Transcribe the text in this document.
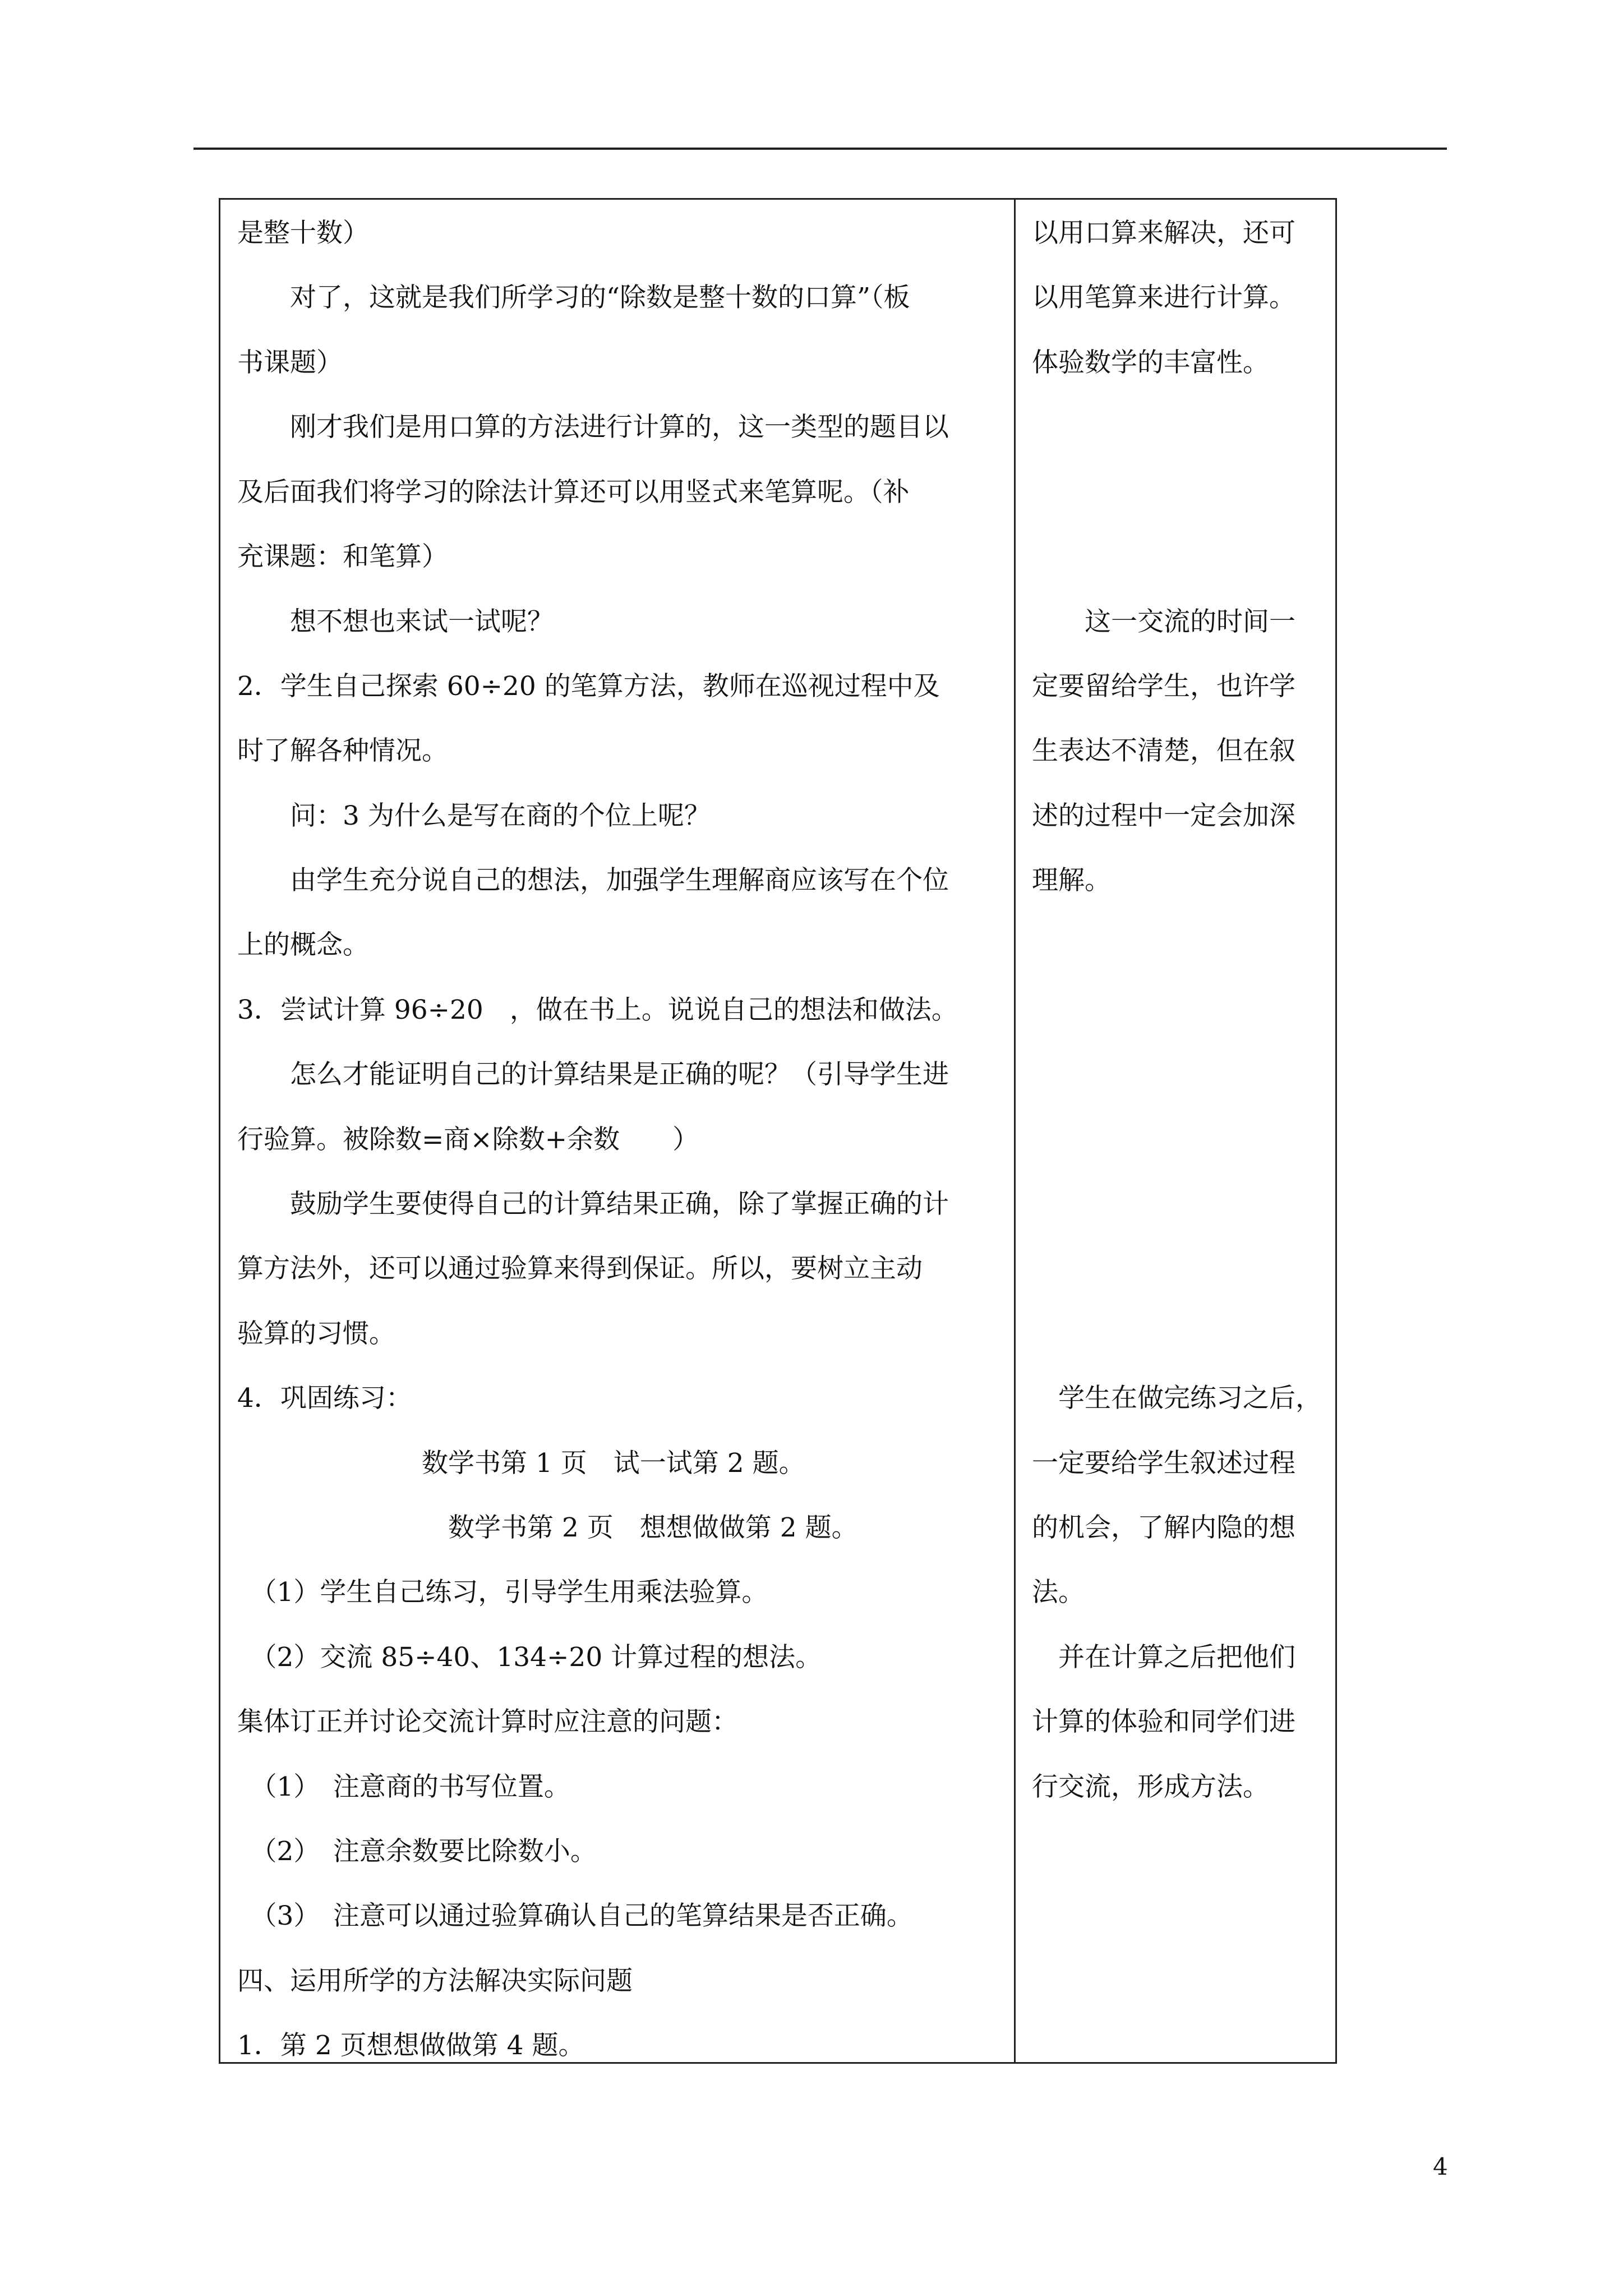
是整十数）
　　对了，这就是我们所学习的“除数是整十数的口算”（板
书课题）
　　刚才我们是用口算的方法进行计算的，这一类型的题目以
及后面我们将学习的除法计算还可以用竖式来笔算呢。（补
充课题：和笔算）
　　想不想也来试一试呢？
2．学生自己探索 60÷20 的笔算方法，教师在巡视过程中及
时了解各种情况。
　　问：3 为什么是写在商的个位上呢？
　　由学生充分说自己的想法，加强学生理解商应该写在个位
上的概念。
3．尝试计算 96÷20　，做在书上。说说自己的想法和做法。
　　怎么才能证明自己的计算结果是正确的呢？（引导学生进
行验算。被除数=商×除数+余数　　）
　　鼓励学生要使得自己的计算结果正确，除了掌握正确的计
算方法外，还可以通过验算来得到保证。所以，要树立主动
验算的习惯。
4．巩固练习：
　　　　　　　数学书第 1 页　试一试第 2 题。
　　　　　　　　数学书第 2 页　想想做做第 2 题。
　（1）学生自己练习，引导学生用乘法验算。
　（2）交流 85÷40、134÷20 计算过程的想法。
集体订正并讨论交流计算时应注意的问题：
　（1）　注意商的书写位置。
　（2）　注意余数要比除数小。
　（3）　注意可以通过验算确认自己的笔算结果是否正确。
四、运用所学的方法解决实际问题
1．第 2 页想想做做第 4 题。
以用口算来解决，还可
以用笔算来进行计算。
体验数学的丰富性。
　　这一交流的时间一
定要留给学生，也许学
生表达不清楚，但在叙
述的过程中一定会加深
理解。
　学生在做完练习之后，
一定要给学生叙述过程
的机会，了解内隐的想
法。
　并在计算之后把他们
计算的体验和同学们进
行交流，形成方法。
4
